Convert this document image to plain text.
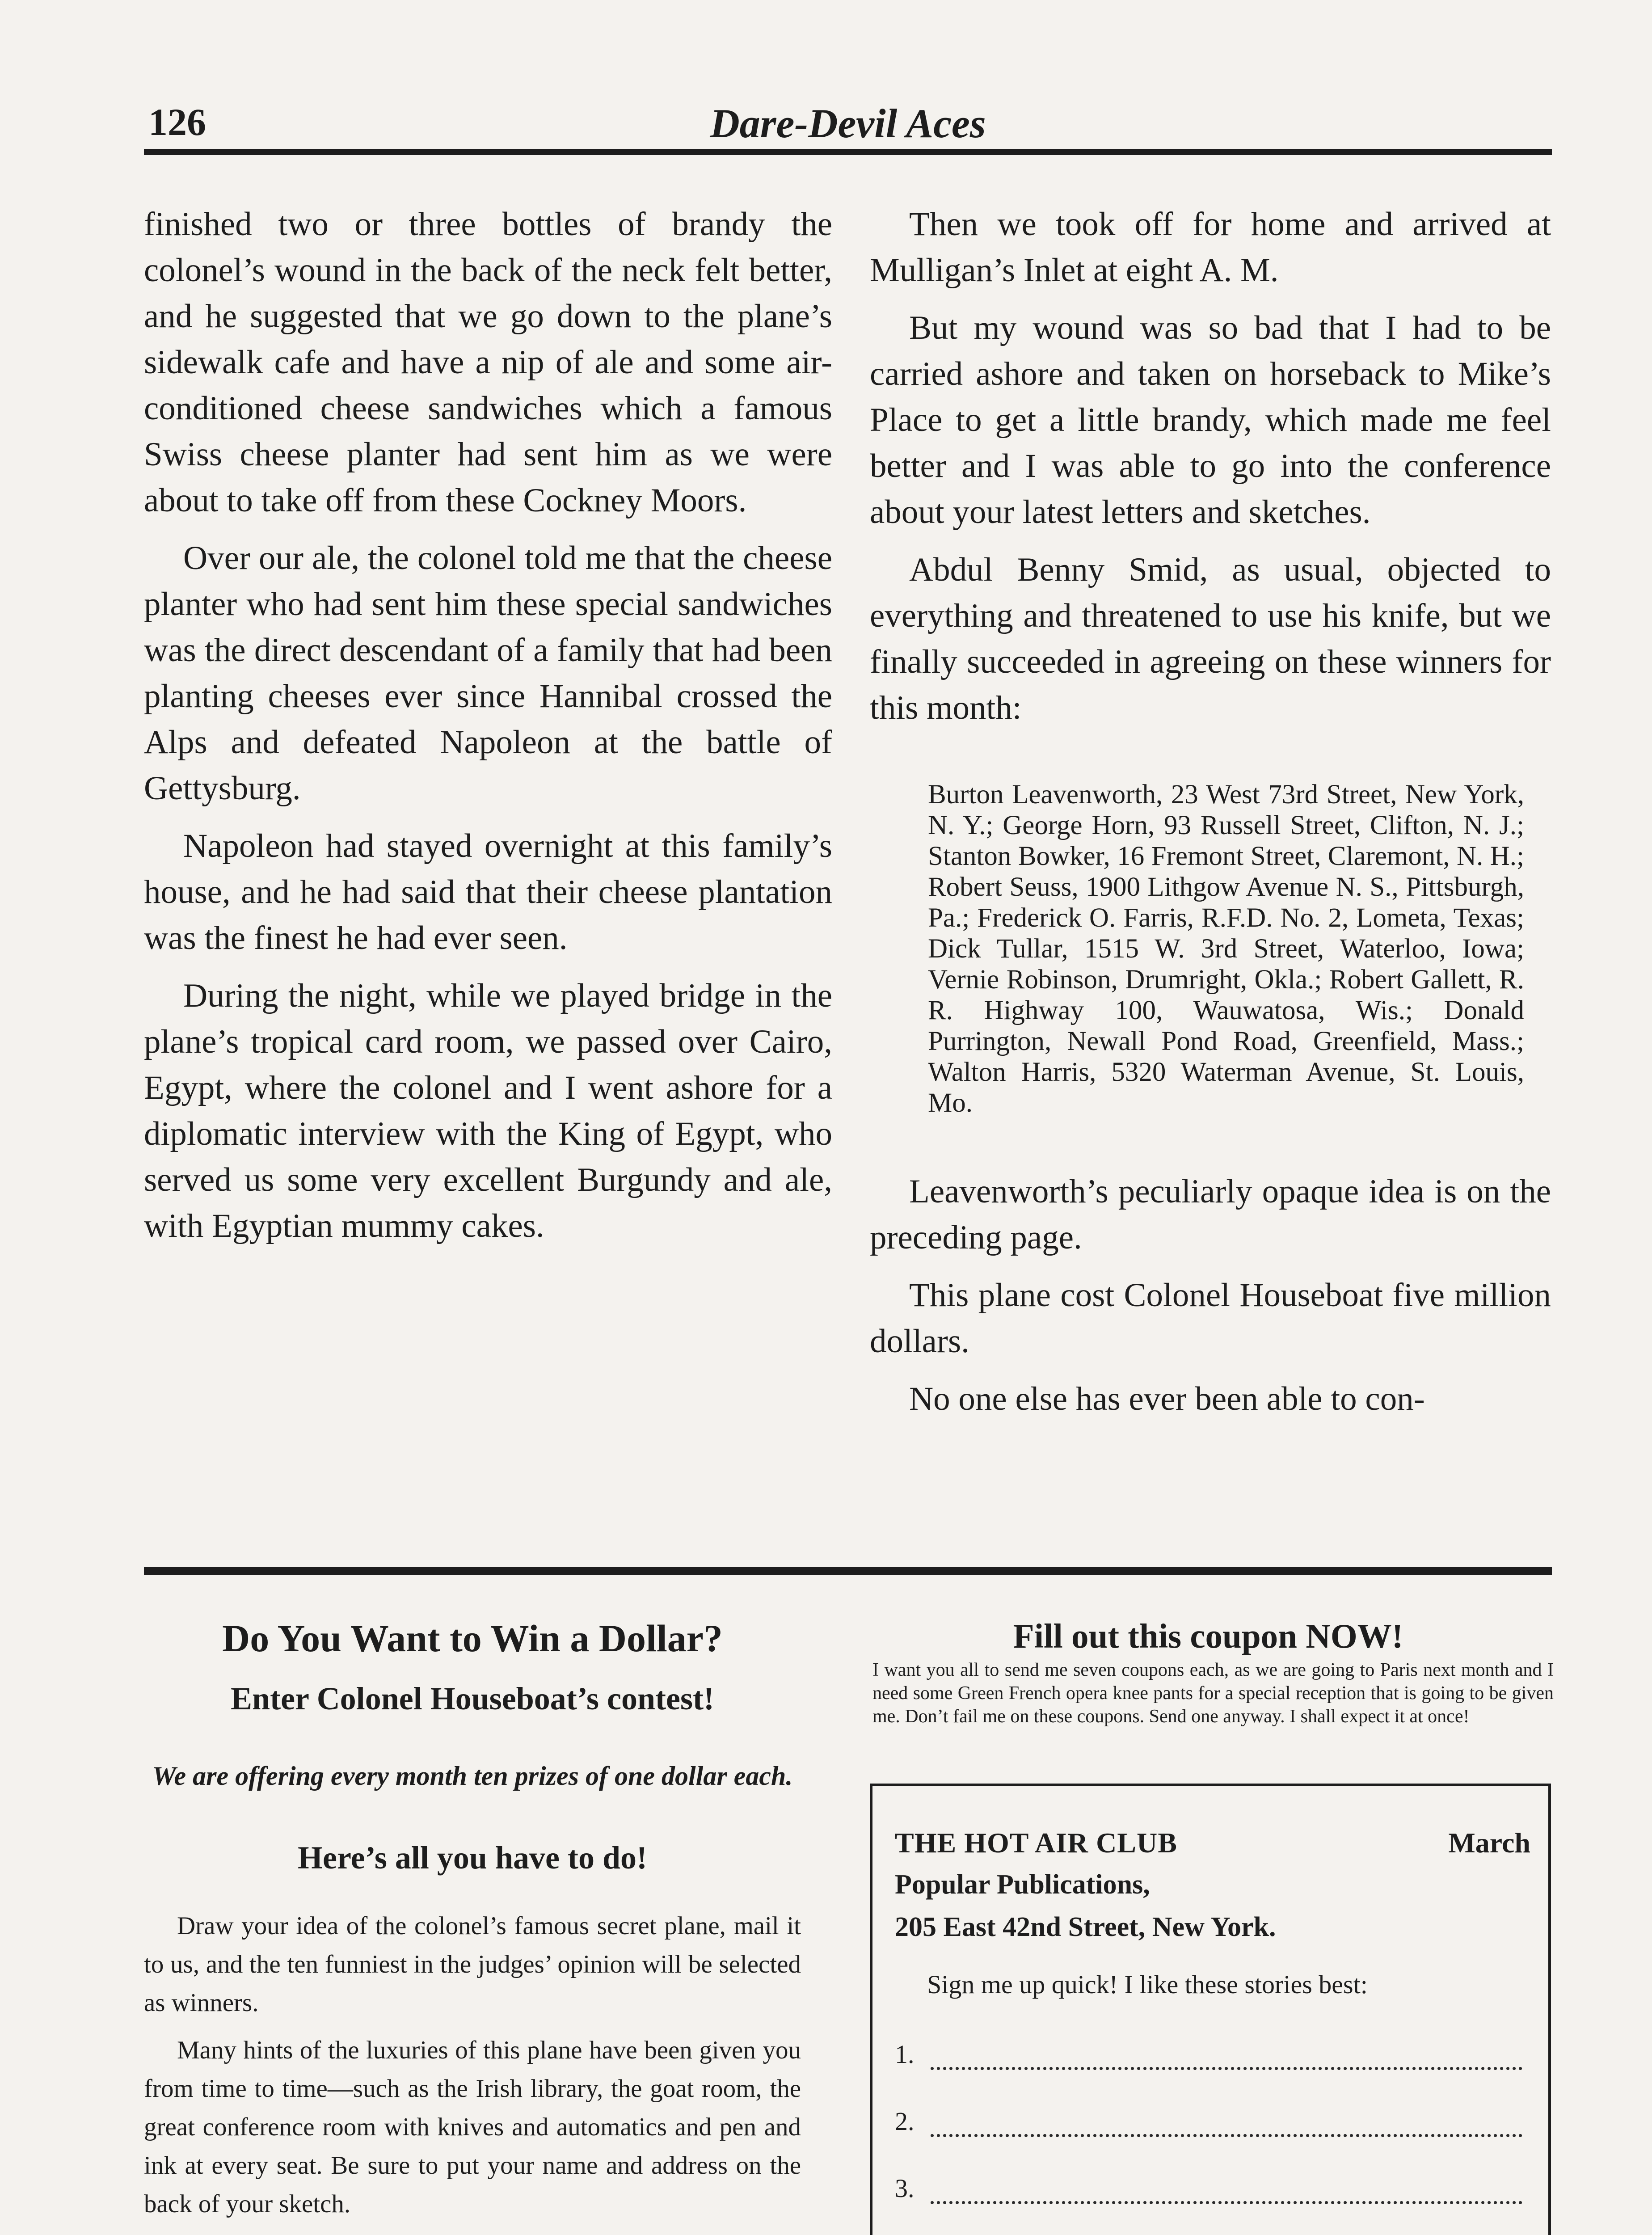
126	Dare-Devil Aces

finished two or three bottles of brandy the colonel’s wound in the back of the neck felt better, and he suggested that we go down to the plane’s sidewalk cafe and have a nip of ale and some air-conditioned cheese sandwiches which a famous Swiss cheese planter had sent him as we were about to take off from these Cockney Moors.

Over our ale, the colonel told me that the cheese planter who had sent him these special sandwiches was the direct descendant of a family that had been planting cheeses ever since Hannibal crossed the Alps and defeated Napoleon at the battle of Gettysburg.

Napoleon had stayed overnight at this family’s house, and he had said that their cheese plantation was the finest he had ever seen.

During the night, while we played bridge in the plane’s tropical card room, we passed over Cairo, Egypt, where the colonel and I went ashore for a diplomatic interview with the King of Egypt, who served us some very excellent Burgundy and ale, with Egyptian mummy cakes.

Then we took off for home and arrived at Mulligan’s Inlet at eight A. M.

But my wound was so bad that I had to be carried ashore and taken on horseback to Mike’s Place to get a little brandy, which made me feel better and I was able to go into the conference about your latest letters and sketches.

Abdul Benny Smid, as usual, objected to everything and threatened to use his knife, but we finally succeeded in agreeing on these winners for this month:

Burton Leavenworth, 23 West 73rd Street, New York, N. Y.; George Horn, 93 Russell Street, Clifton, N. J.; Stanton Bowker, 16 Fremont Street, Claremont, N. H.; Robert Seuss, 1900 Lithgow Avenue N. S., Pittsburgh, Pa.; Frederick O. Farris, R.F.D. No. 2, Lometa, Texas; Dick Tullar, 1515 W. 3rd Street, Waterloo, Iowa; Vernie Robinson, Drumright, Okla.; Robert Gallett, R. R. Highway 100, Wauwatosa, Wis.; Donald Purrington, Newall Pond Road, Greenfield, Mass.; Walton Harris, 5320 Waterman Avenue, St. Louis, Mo.

Leavenworth’s peculiarly opaque idea is on the preceding page.

This plane cost Colonel Houseboat five million dollars.

No one else has ever been able to con-

Do You Want to Win a Dollar?
Enter Colonel Houseboat’s contest!
We are offering every month ten prizes of one dollar each.
Here’s all you have to do!

Draw your idea of the colonel’s famous secret plane, mail it to us, and the ten funniest in the judges’ opinion will be selected as winners.

Many hints of the luxuries of this plane have been given you from time to time—such as the Irish library, the goat room, the great conference room with knives and automatics and pen and ink at every seat. Be sure to put your name and address on the back of your sketch.

Fill out this coupon NOW!
I want you all to send me seven coupons each, as we are going to Paris next month and I need some Green French opera knee pants for a special reception that is going to be given me. Don’t fail me on these coupons. Send one anyway. I shall expect it at once!
THE HOT AIR CLUB	March
Popular Publications,
205 East 42nd Street, New York.
Sign me up quick! I like these stories best:
1.
2.
3.
